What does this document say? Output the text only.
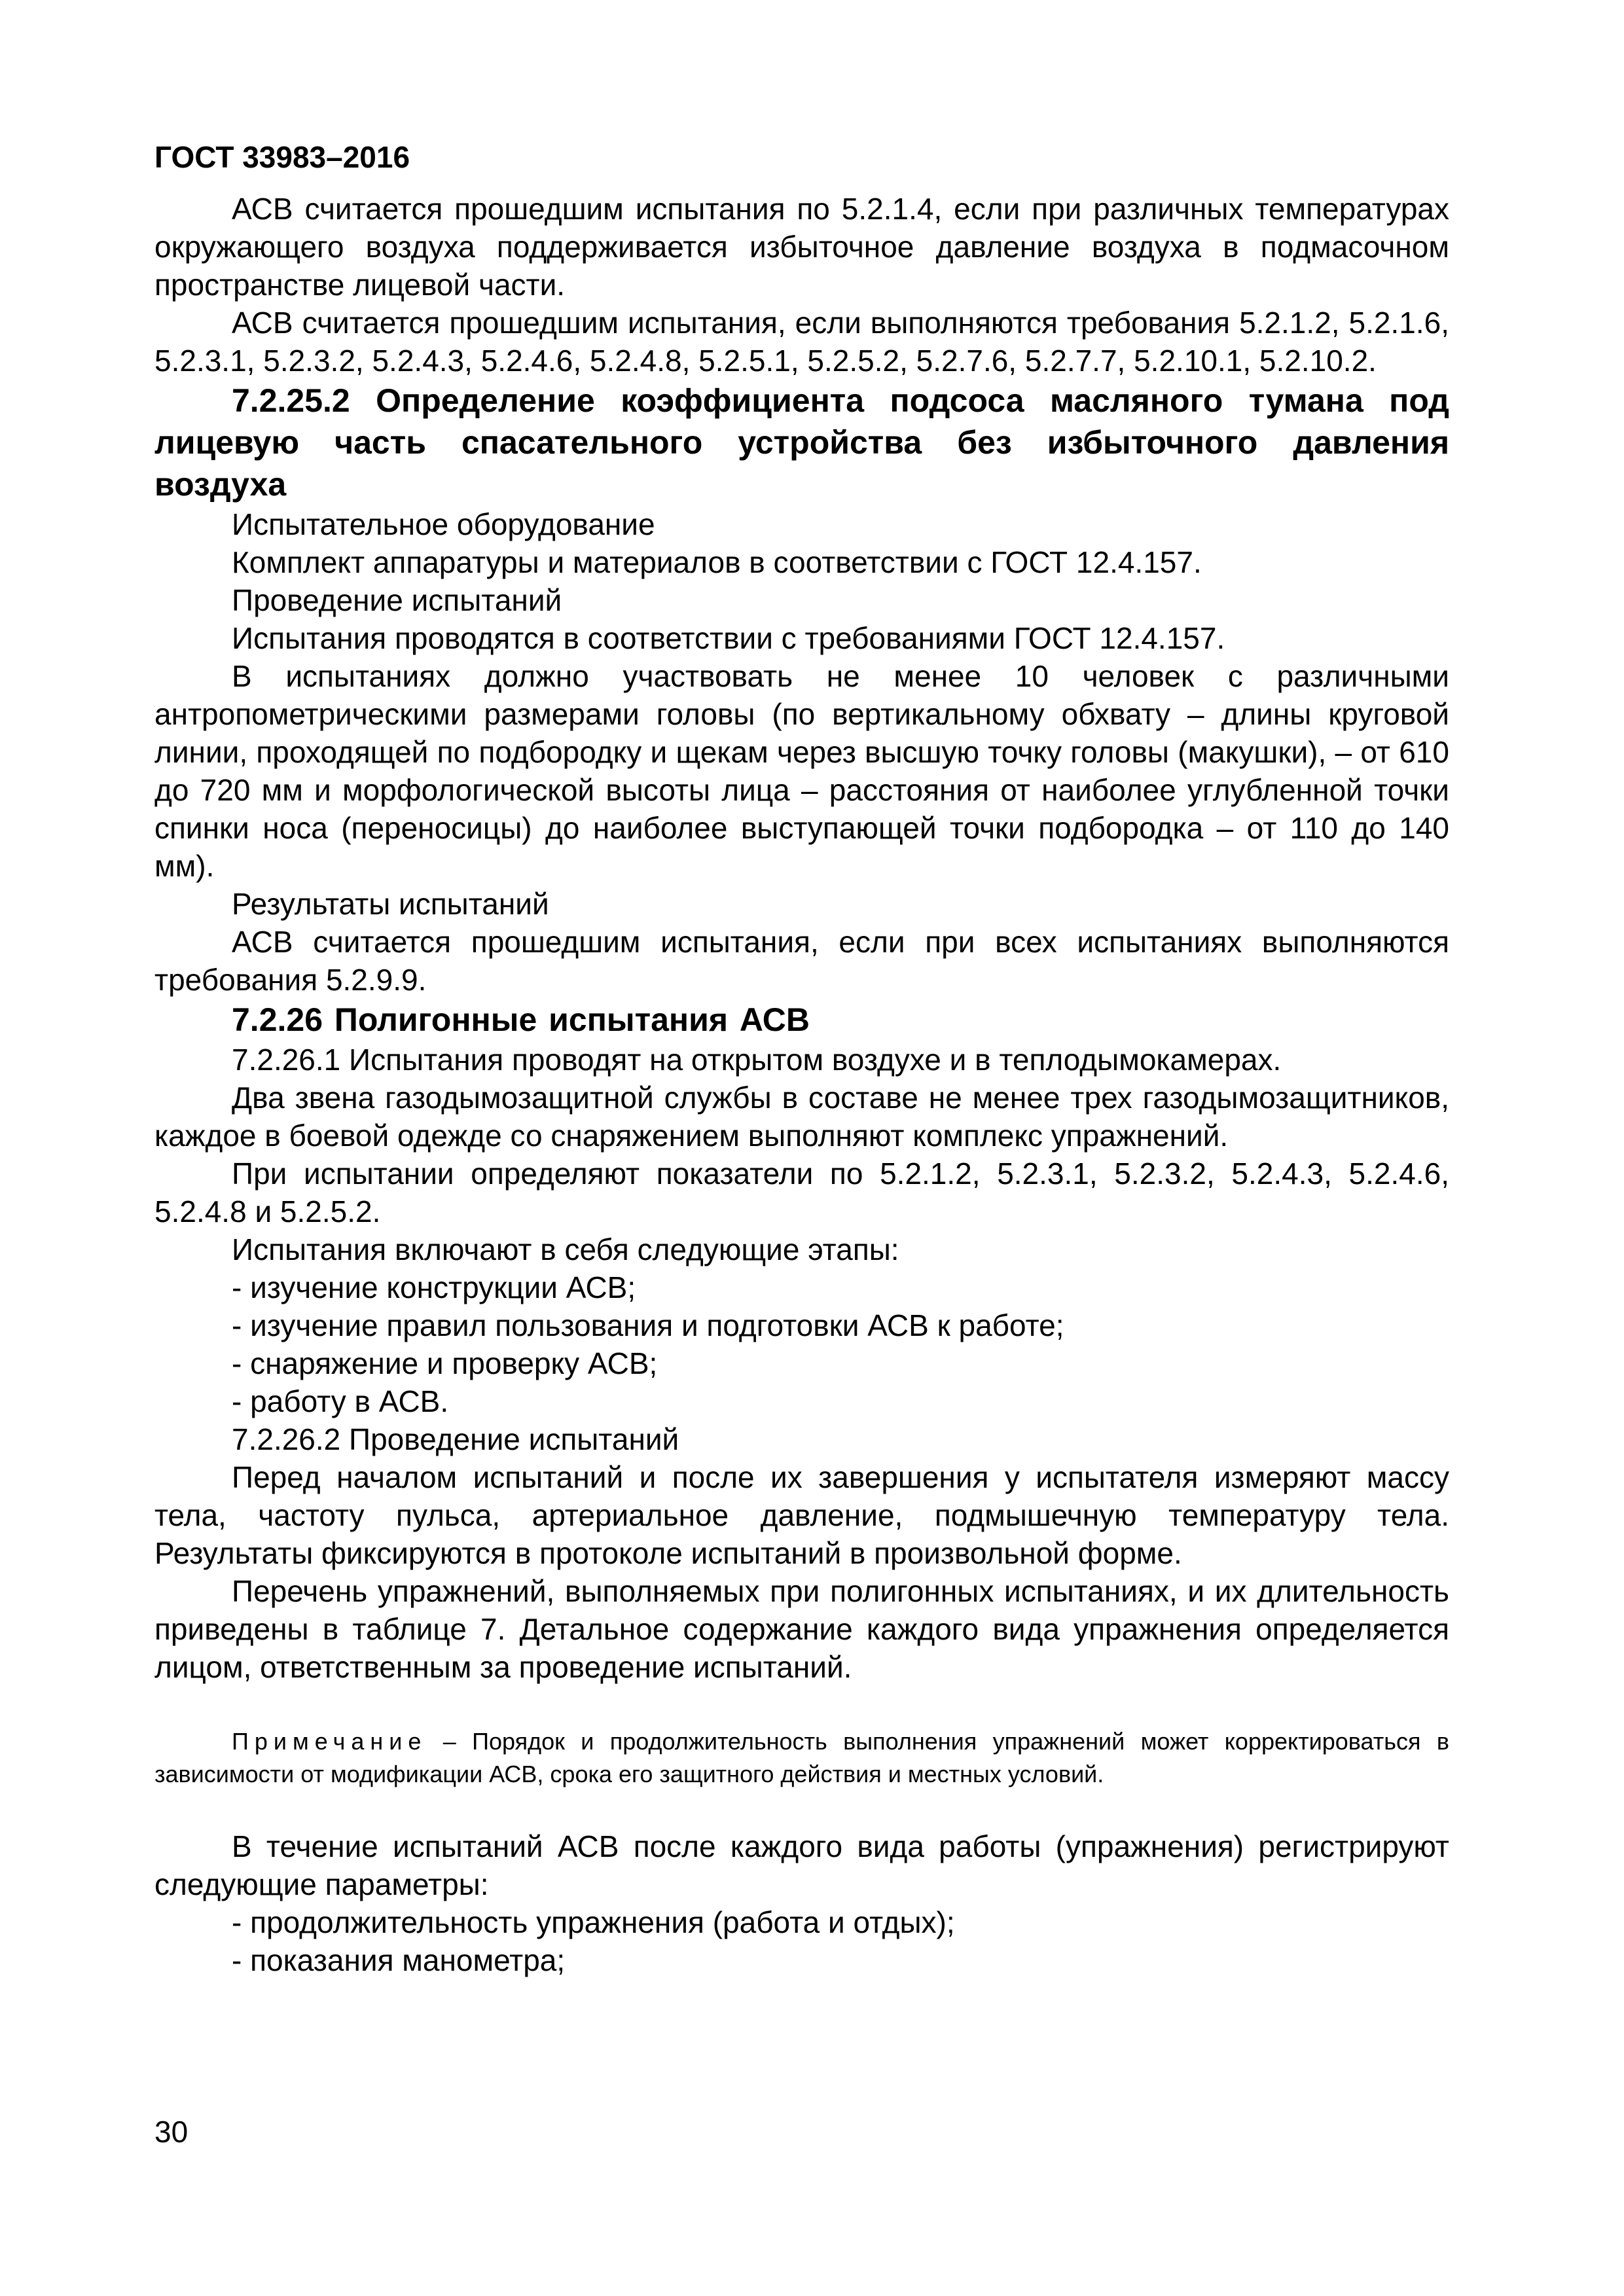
ГОСТ 33983–2016

АСВ считается прошедшим испытания по 5.2.1.4, если при различных температурах окружающего воздуха поддерживается избыточное давление воздуха в подмасочном пространстве лицевой части.

АСВ считается прошедшим испытания, если выполняются требования 5.2.1.2, 5.2.1.6, 5.2.3.1, 5.2.3.2, 5.2.4.3, 5.2.4.6, 5.2.4.8, 5.2.5.1, 5.2.5.2, 5.2.7.6, 5.2.7.7, 5.2.10.1, 5.2.10.2.

7.2.25.2 Определение коэффициента подсоса масляного тумана под лицевую часть спасательного устройства без избыточного давления воздуха

Испытательное оборудование

Комплект аппаратуры и материалов в соответствии с ГОСТ 12.4.157.

Проведение испытаний

Испытания проводятся в соответствии с требованиями ГОСТ 12.4.157.

В испытаниях должно участвовать не менее 10 человек с различными антропометрическими размерами головы (по вертикальному обхвату – длины круговой линии, проходящей по подбородку и щекам через высшую точку головы (макушки), – от 610 до 720 мм и морфологической высоты лица – расстояния от наиболее углубленной точки спинки носа (переносицы) до наиболее выступающей точки подбородка – от 110 до 140 мм).

Результаты испытаний

АСВ считается прошедшим испытания, если при всех испытаниях выполняются требования 5.2.9.9.

7.2.26 Полигонные испытания АСВ

7.2.26.1 Испытания проводят на открытом воздухе и в теплодымокамерах.

Два звена газодымозащитной службы в составе не менее трех газодымозащитников, каждое в боевой одежде со снаряжением выполняют комплекс упражнений.

При испытании определяют показатели по 5.2.1.2, 5.2.3.1, 5.2.3.2, 5.2.4.3, 5.2.4.6, 5.2.4.8 и 5.2.5.2.

Испытания включают в себя следующие этапы:

- изучение конструкции АСВ;

- изучение правил пользования и подготовки АСВ к работе;

- снаряжение и проверку АСВ;

- работу в АСВ.

7.2.26.2 Проведение испытаний

Перед началом испытаний и после их завершения у испытателя измеряют массу тела, частоту пульса, артериальное давление, подмышечную температуру тела. Результаты фиксируются в протоколе испытаний в произвольной форме.

Перечень упражнений, выполняемых при полигонных испытаниях, и их длительность приведены в таблице 7. Детальное содержание каждого вида упражнения определяется лицом, ответственным за проведение испытаний.

Примечание – Порядок и продолжительность выполнения упражнений может корректироваться в зависимости от модификации АСВ, срока его защитного действия и местных условий.

В течение испытаний АСВ после каждого вида работы (упражнения) регистрируют следующие параметры:

- продолжительность упражнения (работа и отдых);

- показания манометра;

30
